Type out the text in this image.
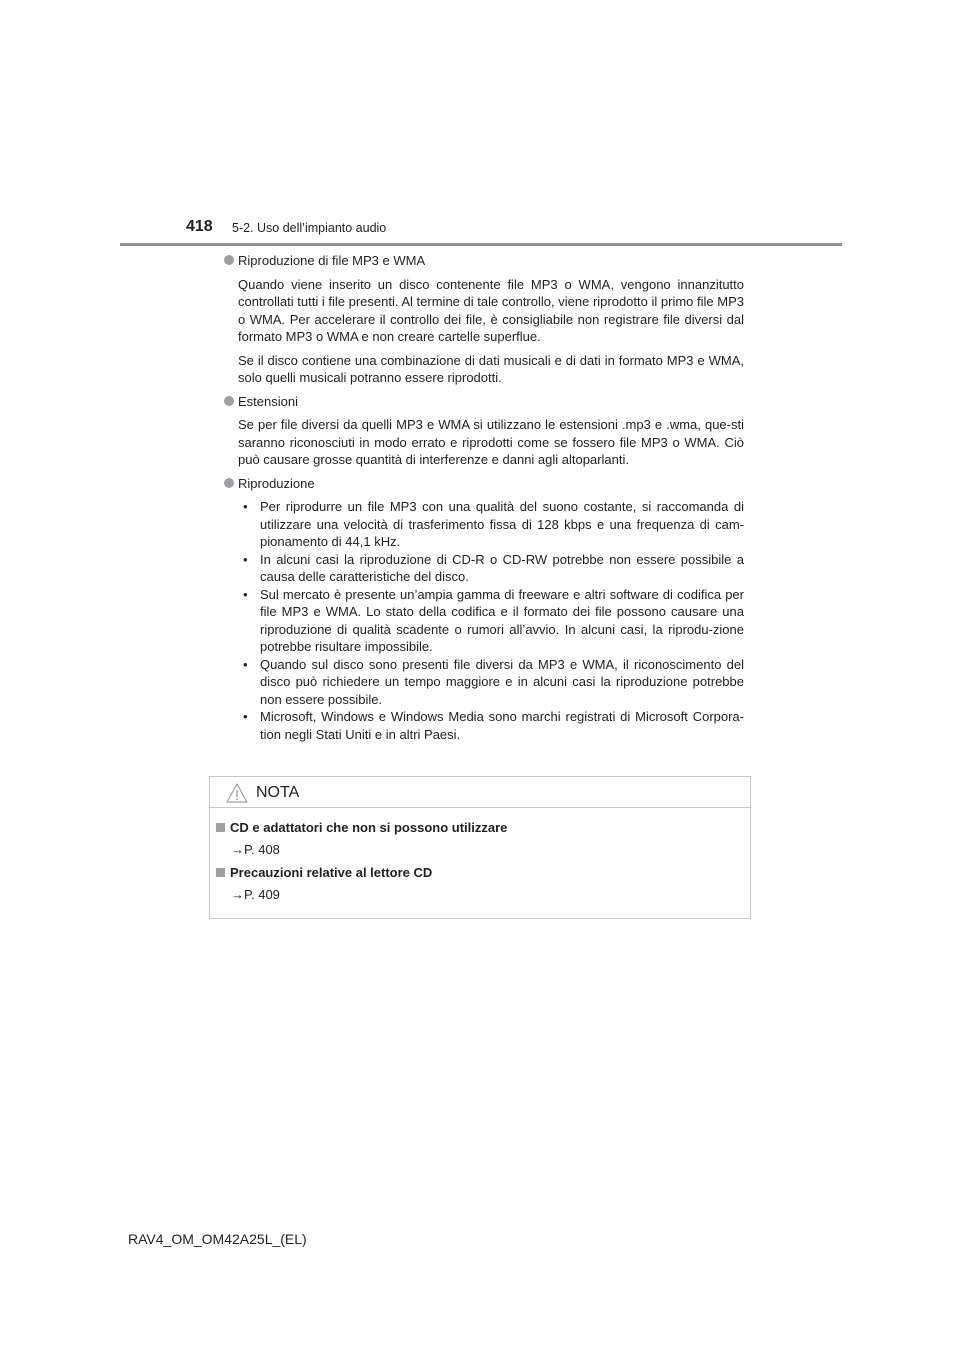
418 5-2. Uso dell’impianto audio
Riproduzione di file MP3 e WMA
Quando viene inserito un disco contenente file MP3 o WMA, vengono innanzitutto controllati tutti i file presenti. Al termine di tale controllo, viene riprodotto il primo file MP3 o WMA. Per accelerare il controllo dei file, è consigliabile non registrare file diversi dal formato MP3 o WMA e non creare cartelle superflue.
Se il disco contiene una combinazione di dati musicali e di dati in formato MP3 e WMA, solo quelli musicali potranno essere riprodotti.
Estensioni
Se per file diversi da quelli MP3 e WMA si utilizzano le estensioni .mp3 e .wma, que-sti saranno riconosciuti in modo errato e riprodotti come se fossero file MP3 o WMA. Ciò può causare grosse quantità di interferenze e danni agli altoparlanti.
Riproduzione
• Per riprodurre un file MP3 con una qualità del suono costante, si raccomanda di utilizzare una velocità di trasferimento fissa di 128 kbps e una frequenza di cam-pionamento di 44,1 kHz.
• In alcuni casi la riproduzione di CD-R o CD-RW potrebbe non essere possibile a causa delle caratteristiche del disco.
• Sul mercato è presente un’ampia gamma di freeware e altri software di codifica per file MP3 e WMA. Lo stato della codifica e il formato dei file possono causare una riproduzione di qualità scadente o rumori all’avvio. In alcuni casi, la riprodu-zione potrebbe risultare impossibile.
• Quando sul disco sono presenti file diversi da MP3 e WMA, il riconoscimento del disco può richiedere un tempo maggiore e in alcuni casi la riproduzione potrebbe non essere possibile.
• Microsoft, Windows e Windows Media sono marchi registrati di Microsoft Corpora-tion negli Stati Uniti e in altri Paesi.
NOTA
CD e adattatori che non si possono utilizzare
→P. 408
Precauzioni relative al lettore CD
→P. 409
RAV4_OM_OM42A25L_(EL)
